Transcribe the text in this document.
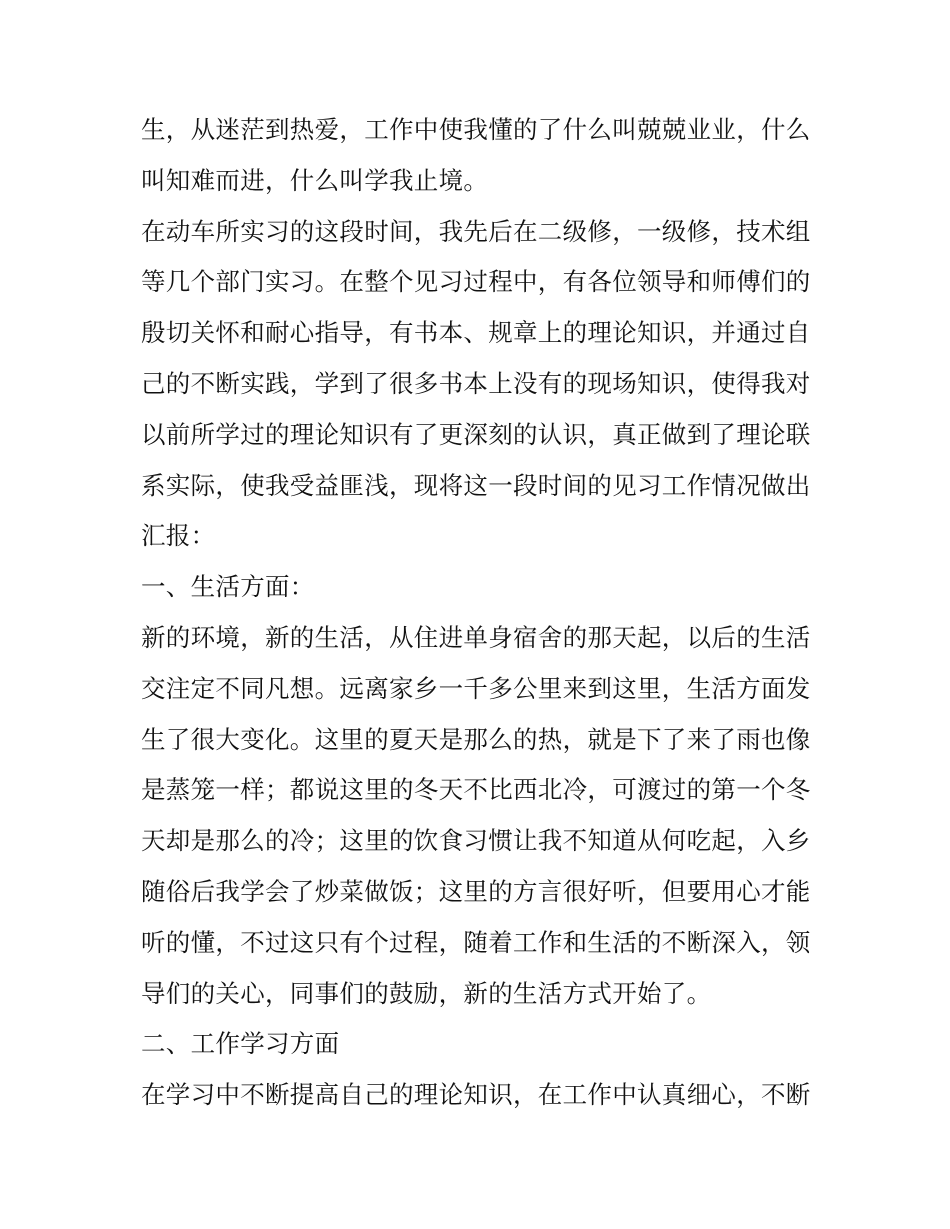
生，从迷茫到热爱，工作中使我懂的了什么叫兢兢业业，什么
叫知难而进，什么叫学我止境。
在动车所实习的这段时间，我先后在二级修，一级修，技术组
等几个部门实习。在整个见习过程中，有各位领导和师傅们的
殷切关怀和耐心指导，有书本、规章上的理论知识，并通过自
己的不断实践，学到了很多书本上没有的现场知识，使得我对
以前所学过的理论知识有了更深刻的认识，真正做到了理论联
系实际，使我受益匪浅，现将这一段时间的见习工作情况做出
汇报：
一、生活方面：
新的环境，新的生活，从住进单身宿舍的那天起，以后的生活
交注定不同凡想。远离家乡一千多公里来到这里，生活方面发
生了很大变化。这里的夏天是那么的热，就是下了来了雨也像
是蒸笼一样；都说这里的冬天不比西北冷，可渡过的第一个冬
天却是那么的冷；这里的饮食习惯让我不知道从何吃起，入乡
随俗后我学会了炒菜做饭；这里的方言很好听，但要用心才能
听的懂，不过这只有个过程，随着工作和生活的不断深入，领
导们的关心，同事们的鼓励，新的生活方式开始了。
二、工作学习方面
在学习中不断提高自己的理论知识，在工作中认真细心，不断
